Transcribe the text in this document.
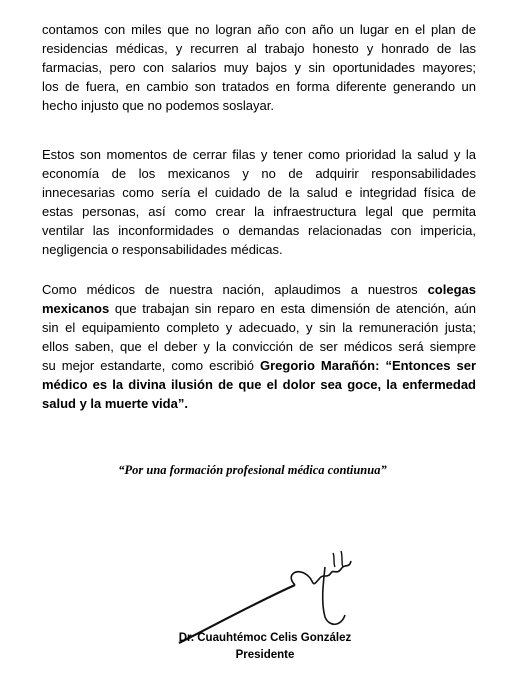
contamos con miles que no logran año con año un lugar en el plan de
residencias médicas, y recurren al trabajo honesto y honrado de las
farmacias, pero con salarios muy bajos y sin oportunidades mayores;
los de fuera, en cambio son tratados en forma diferente generando un
hecho injusto que no podemos soslayar.

Estos son momentos de cerrar filas y tener como prioridad la salud y la
economía de los mexicanos y no de adquirir responsabilidades
innecesarias como sería el cuidado de la salud e integridad física de
estas personas, así como crear la infraestructura legal que permita
ventilar las inconformidades o demandas relacionadas con impericia,
negligencia o responsabilidades médicas.

Como médicos de nuestra nación, aplaudimos a nuestros colegas
mexicanos que trabajan sin reparo en esta dimensión de atención, aún
sin el equipamiento completo y adecuado, y sin la remuneración justa;
ellos saben, que el deber y la convicción de ser médicos será siempre
su mejor estandarte, como escribió Gregorio Marañón: “Entonces ser
médico es la divina ilusión de que el dolor sea goce, la enfermedad
salud y la muerte vida”.

“Por una formación profesional médica contiunua”
Dr. Cuauhtémoc Celis González
Presidente
